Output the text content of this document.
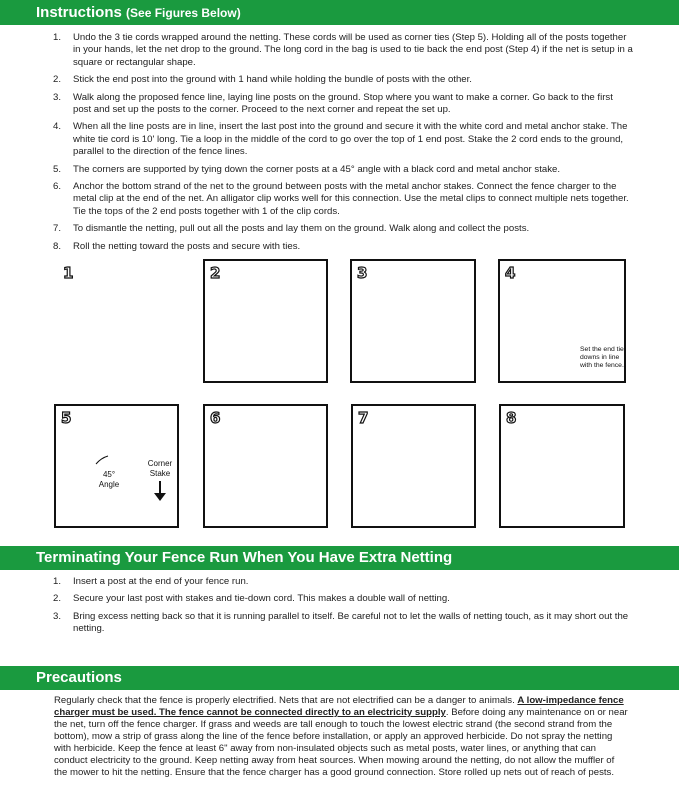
Instructions (See Figures Below)
1. Undo the 3 tie cords wrapped around the netting. These cords will be used as corner ties (Step 5). Holding all of the posts together in your hands, let the net drop to the ground. The long cord in the bag is used to tie back the end post (Step 4) if the net is setup in a square or rectangular shape.
2. Stick the end post into the ground with 1 hand while holding the bundle of posts with the other.
3. Walk along the proposed fence line, laying line posts on the ground. Stop where you want to make a corner. Go back to the first post and set up the posts to the corner. Proceed to the next corner and repeat the set up.
4. When all the line posts are in line, insert the last post into the ground and secure it with the white cord and metal anchor stake. The white tie cord is 10' long. Tie a loop in the middle of the cord to go over the top of 1 end post. Stake the 2 cord ends to the ground, parallel to the direction of the fence lines.
5. The corners are supported by tying down the corner posts at a 45° angle with a black cord and metal anchor stake.
6. Anchor the bottom strand of the net to the ground between posts with the metal anchor stakes. Connect the fence charger to the metal clip at the end of the net. An alligator clip works well for this connection. Use the metal clips to connect multiple nets together. Tie the tops of the 2 end posts together with 1 of the clip cords.
7. To dismantle the netting, pull out all the posts and lay them on the ground. Walk along and collect the posts.
8. Roll the netting toward the posts and secure with ties.
1	2	3	4
Set the end tie downs in line with the fence.
5
45° Angle
Corner Stake
6	7	8
Terminating Your Fence Run When You Have Extra Netting
1. Insert a post at the end of your fence run.
2. Secure your last post with stakes and tie-down cord. This makes a double wall of netting.
3. Bring excess netting back so that it is running parallel to itself. Be careful not to let the walls of netting touch, as it may short out the netting.
Precautions

Regularly check that the fence is properly electrified. Nets that are not electrified can be a danger to animals. A low-impedance fence charger must be used. The fence cannot be connected directly to an electricity supply. Before doing any maintenance on or near the net, turn off the fence charger. If grass and weeds are tall enough to touch the lowest electric strand (the second strand from the bottom), mow a strip of grass along the line of the fence before installation, or apply an approved herbicide. Do not spray the netting with herbicide. Keep the fence at least 6" away from non-insulated objects such as metal posts, water lines, or anything that can conduct electricity to the ground. Keep netting away from heat sources. When mowing around the netting, do not allow the muffler of the mower to hit the netting. Ensure that the fence charger has a good ground connection. Store rolled up nets out of reach of pests.
